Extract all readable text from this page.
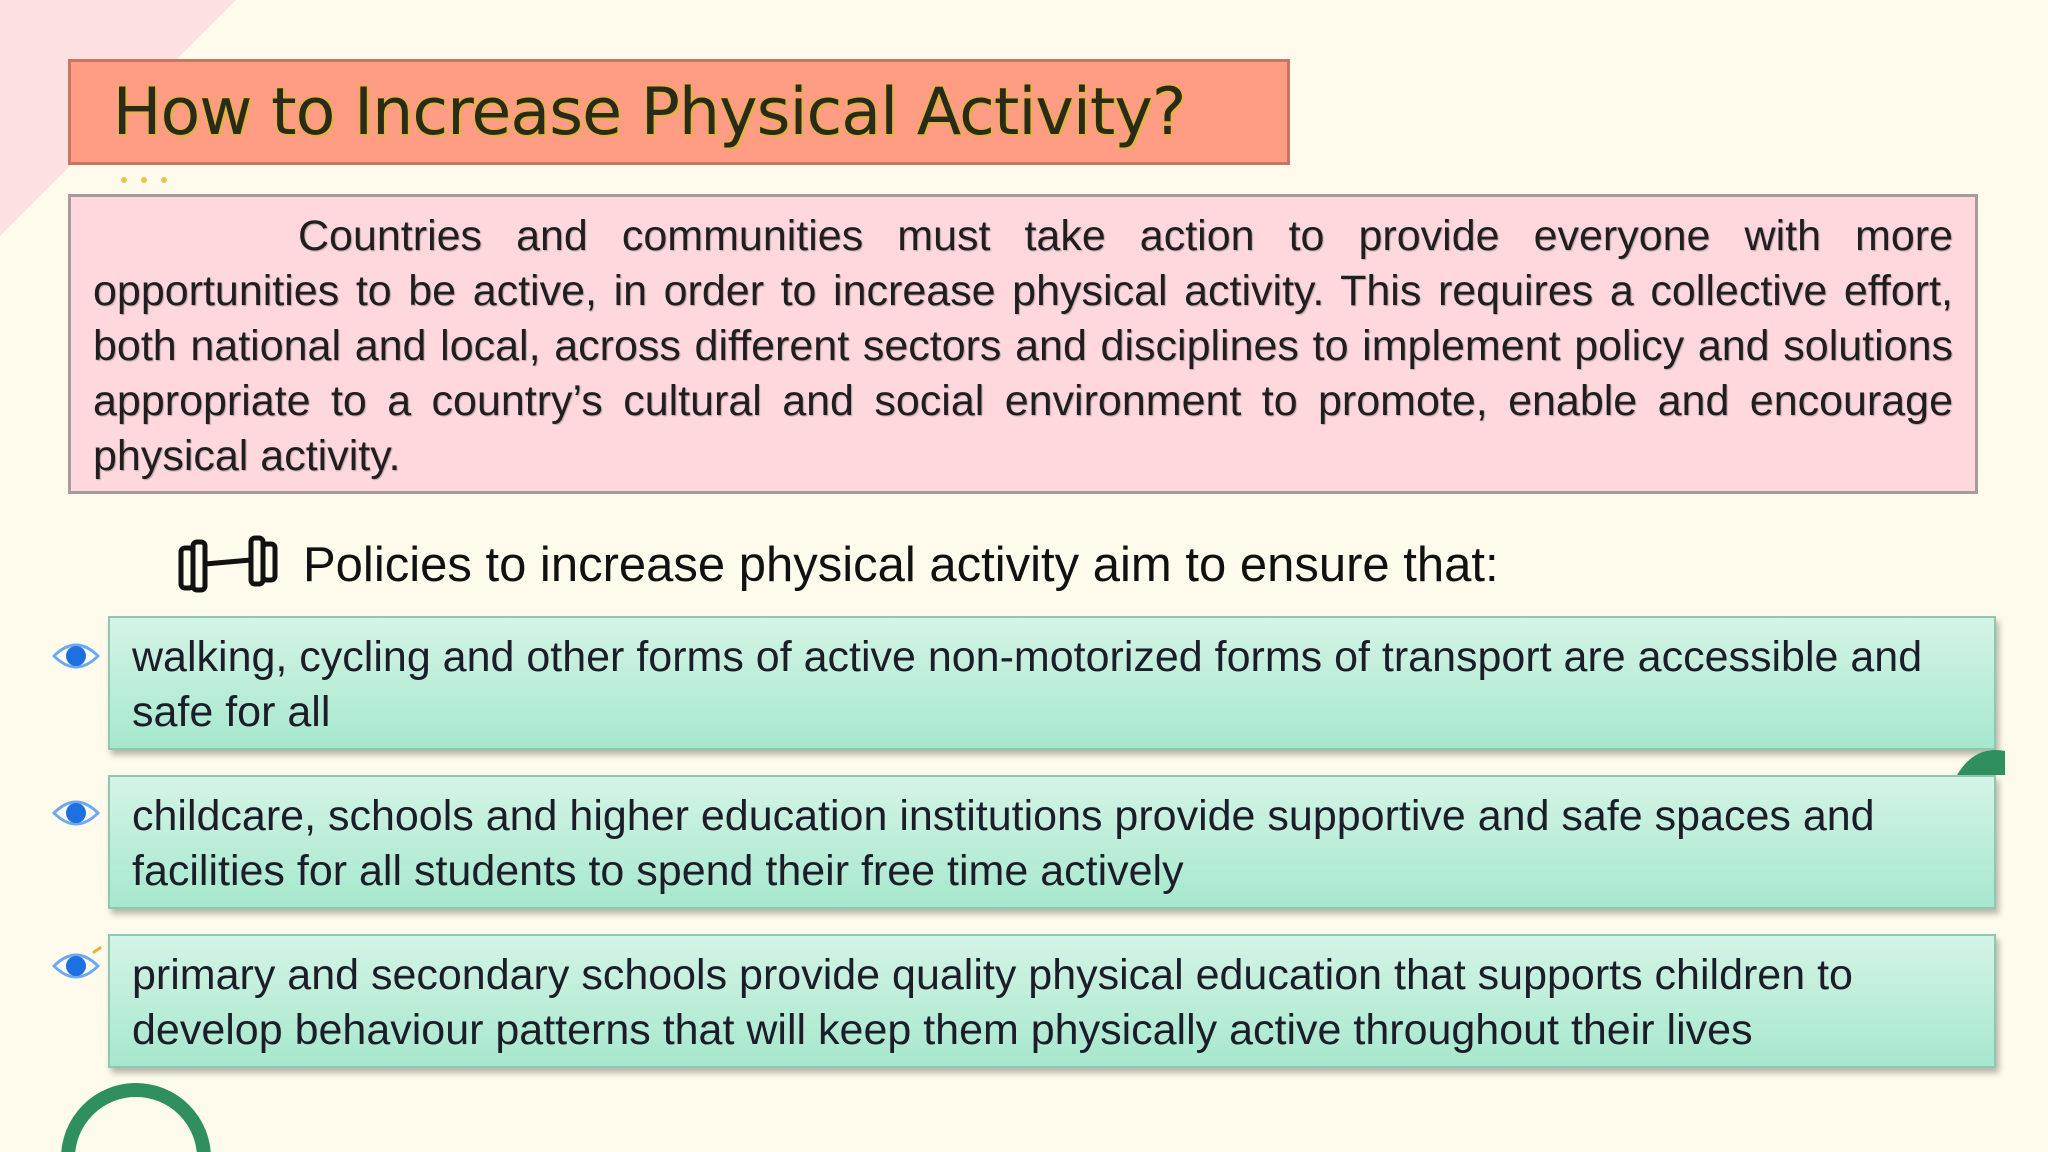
How to Increase Physical Activity?

Countries and communities must take action to provide everyone with more opportunities to be active, in order to increase physical activity. This requires a collective effort, both national and local, across different sectors and disciplines to implement policy and solutions appropriate to a country’s cultural and social environment to promote, enable and encourage physical activity.

Policies to increase physical activity aim to ensure that:

walking, cycling and other forms of active non-motorized forms of transport are accessible and safe for all

childcare, schools and higher education institutions provide supportive and safe spaces and facilities for all students to spend their free time actively

primary and secondary schools provide quality physical education that supports children to develop behaviour patterns that will keep them physically active throughout their lives
